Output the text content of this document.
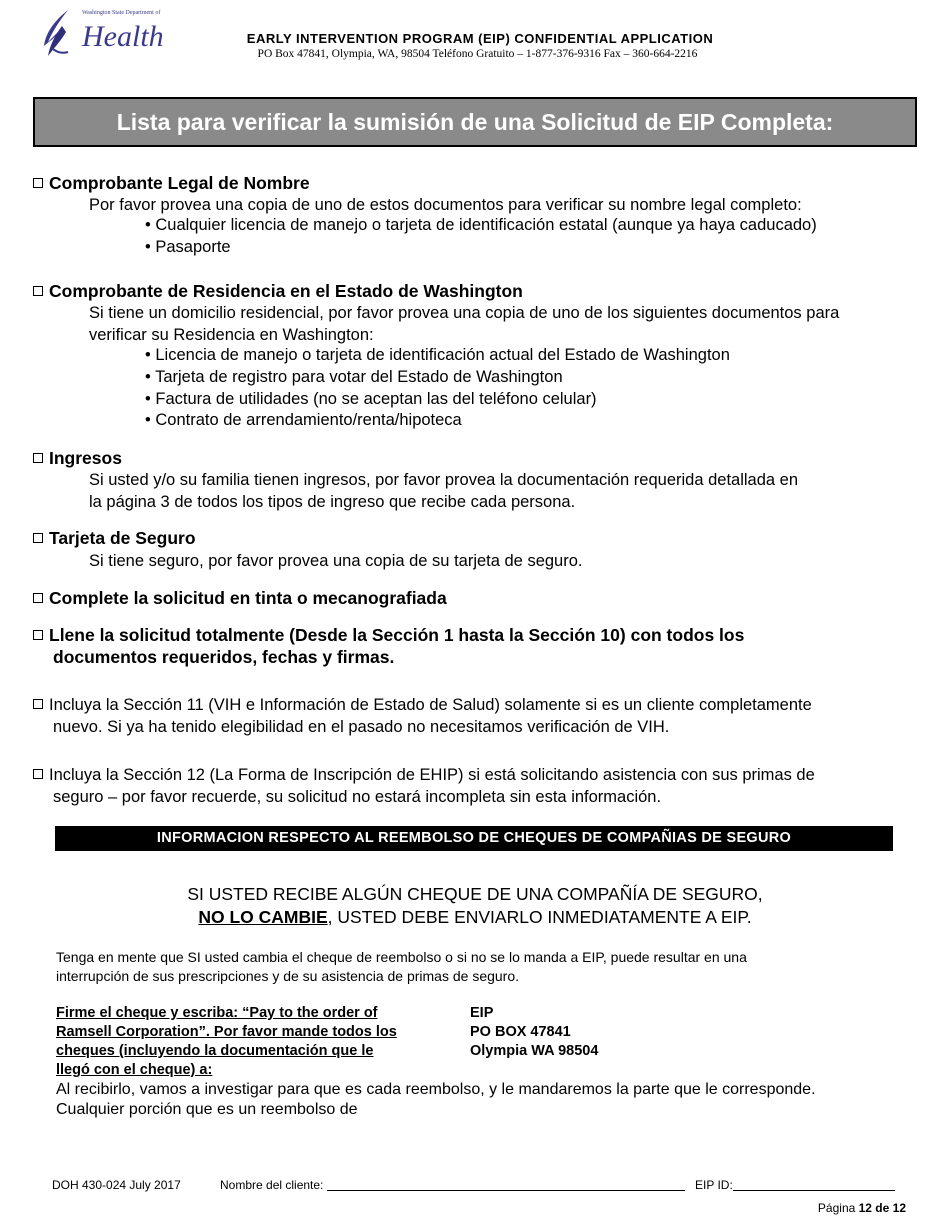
Washington State Department of
Health	EARLY INTERVENTION PROGRAM (EIP) CONFIDENTIAL APPLICATION
PO Box 47841, Olympia, WA, 98504 Teléfono Gratuito – 1-877-376-9316 Fax – 360-664-2216
Lista para verificar la sumisión de una Solicitud de EIP Completa:
Comprobante Legal de Nombre
Por favor provea una copia de uno de estos documentos para verificar su nombre legal completo:
• Cualquier licencia de manejo o tarjeta de identificación estatal (aunque ya haya caducado)
• Pasaporte
Comprobante de Residencia en el Estado de Washington
Si tiene un domicilio residencial, por favor provea una copia de uno de los siguientes documentos para
verificar su Residencia en Washington:
• Licencia de manejo o tarjeta de identificación actual del Estado de Washington
• Tarjeta de registro para votar del Estado de Washington
• Factura de utilidades (no se aceptan las del teléfono celular)
• Contrato de arrendamiento/renta/hipoteca
Ingresos
Si usted y/o su familia tienen ingresos, por favor provea la documentación requerida detallada en
la página 3 de todos los tipos de ingreso que recibe cada persona.
Tarjeta de Seguro
Si tiene seguro, por favor provea una copia de su tarjeta de seguro.
Complete la solicitud en tinta o mecanografiada
Llene la solicitud totalmente (Desde la Sección 1 hasta la Sección 10) con todos los
documentos requeridos, fechas y firmas.
Incluya la Sección 11 (VIH e Información de Estado de Salud) solamente si es un cliente completamente
nuevo. Si ya ha tenido elegibilidad en el pasado no necesitamos verificación de VIH.
Incluya la Sección 12 (La Forma de Inscripción de EHIP) si está solicitando asistencia con sus primas de
seguro – por favor recuerde, su solicitud no estará incompleta sin esta información.
INFORMACION RESPECTO AL REEMBOLSO DE CHEQUES DE COMPAÑIAS DE SEGURO
SI USTED RECIBE ALGÚN CHEQUE DE UNA COMPAÑÍA DE SEGURO,
NO LO CAMBIE, USTED DEBE ENVIARLO INMEDIATAMENTE A EIP.
Tenga en mente que SI usted cambia el cheque de reembolso o si no se lo manda a EIP, puede resultar en una
interrupción de sus prescripciones y de su asistencia de primas de seguro.
Firme el cheque y escriba: “Pay to the order of
Ramsell Corporation”. Por favor mande todos los
cheques (incluyendo la documentación que le
llegó con el cheque) a:
EIP
PO BOX 47841
Olympia WA 98504
Al recibirlo, vamos a investigar para que es cada reembolso, y le mandaremos la parte que le corresponde.
Cualquier porción que es un reembolso de
DOH 430-024 July 2017	Nombre del cliente:	EIP ID:
Página 12 de 12
